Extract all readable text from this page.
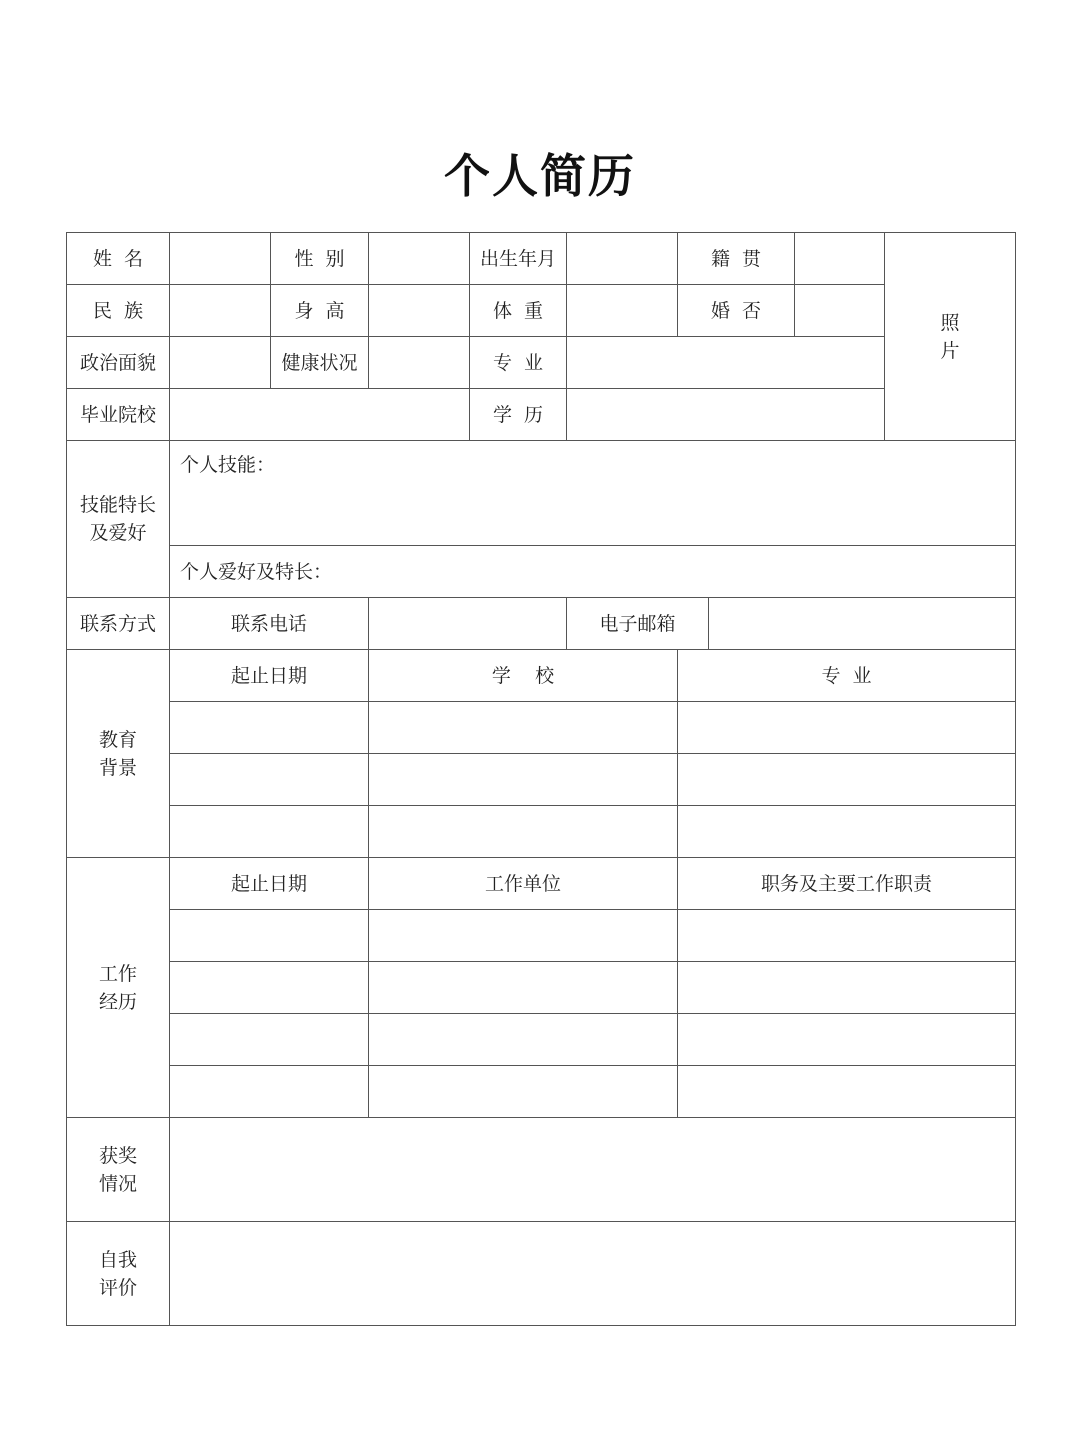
个人简历
姓  名		性  别		出生年月		籍  贯			照
片
民  族		身  高		体  重		婚  否			
政治面貌		健康状况		专  业					
毕业院校				学  历					
技能特长
及爱好	个人技能：								
	个人爱好及特长：								
联系方式	联系电话				电子邮箱				
教育
背景	起止日期		学    校			专  业			

工作
经历	起止日期		工作单位			职务及主要工作职责			

获奖
情况									
自我
评价									
